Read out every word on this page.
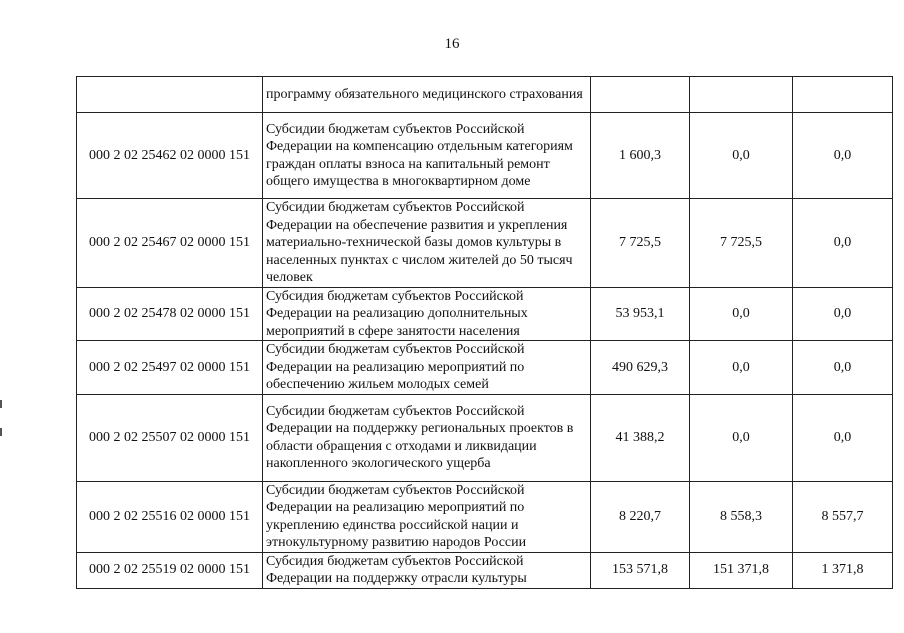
16
	программу обязательного медицинского страхования			
000 2 02 25462 02 0000 151	Субсидии бюджетам субъектов Российской Федерации на компенсацию отдельным категориям граждан оплаты взноса на капитальный ремонт общего имущества в многоквартирном доме	1 600,3	0,0	0,0
000 2 02 25467 02 0000 151	Субсидии бюджетам субъектов Российской Федерации на обеспечение развития и укрепления материально-технической базы домов культуры в населенных пунктах с числом жителей до 50 тысяч человек	7 725,5	7 725,5	0,0
000 2 02 25478 02 0000 151	Субсидия бюджетам субъектов Российской Федерации на реализацию дополнительных мероприятий в сфере занятости населения	53 953,1	0,0	0,0
000 2 02 25497 02 0000 151	Субсидии бюджетам субъектов Российской Федерации на реализацию мероприятий по обеспечению жильем молодых семей	490 629,3	0,0	0,0
000 2 02 25507 02 0000 151	Субсидии бюджетам субъектов Российской Федерации на поддержку региональных проектов в области обращения с отходами и ликвидации накопленного экологического ущерба	41 388,2	0,0	0,0
000 2 02 25516 02 0000 151	Субсидии бюджетам субъектов Российской Федерации на реализацию мероприятий по укреплению единства российской нации и этнокультурному развитию народов России	8 220,7	8 558,3	8 557,7
000 2 02 25519 02 0000 151	Субсидия бюджетам субъектов Российской Федерации на поддержку отрасли культуры	153 571,8	151 371,8	1 371,8
